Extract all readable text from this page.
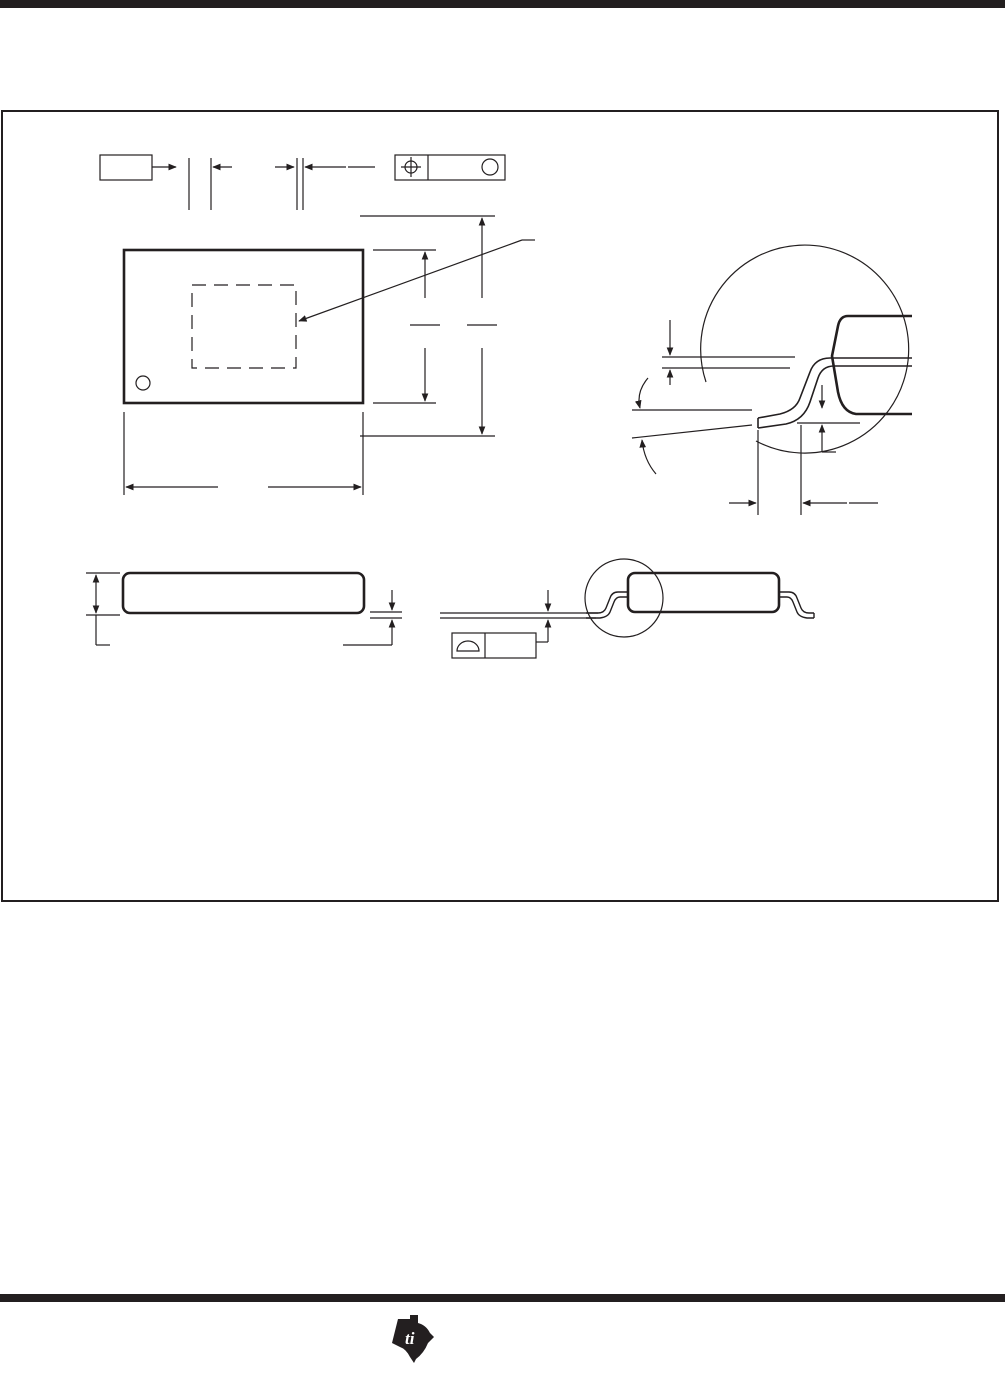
ti
